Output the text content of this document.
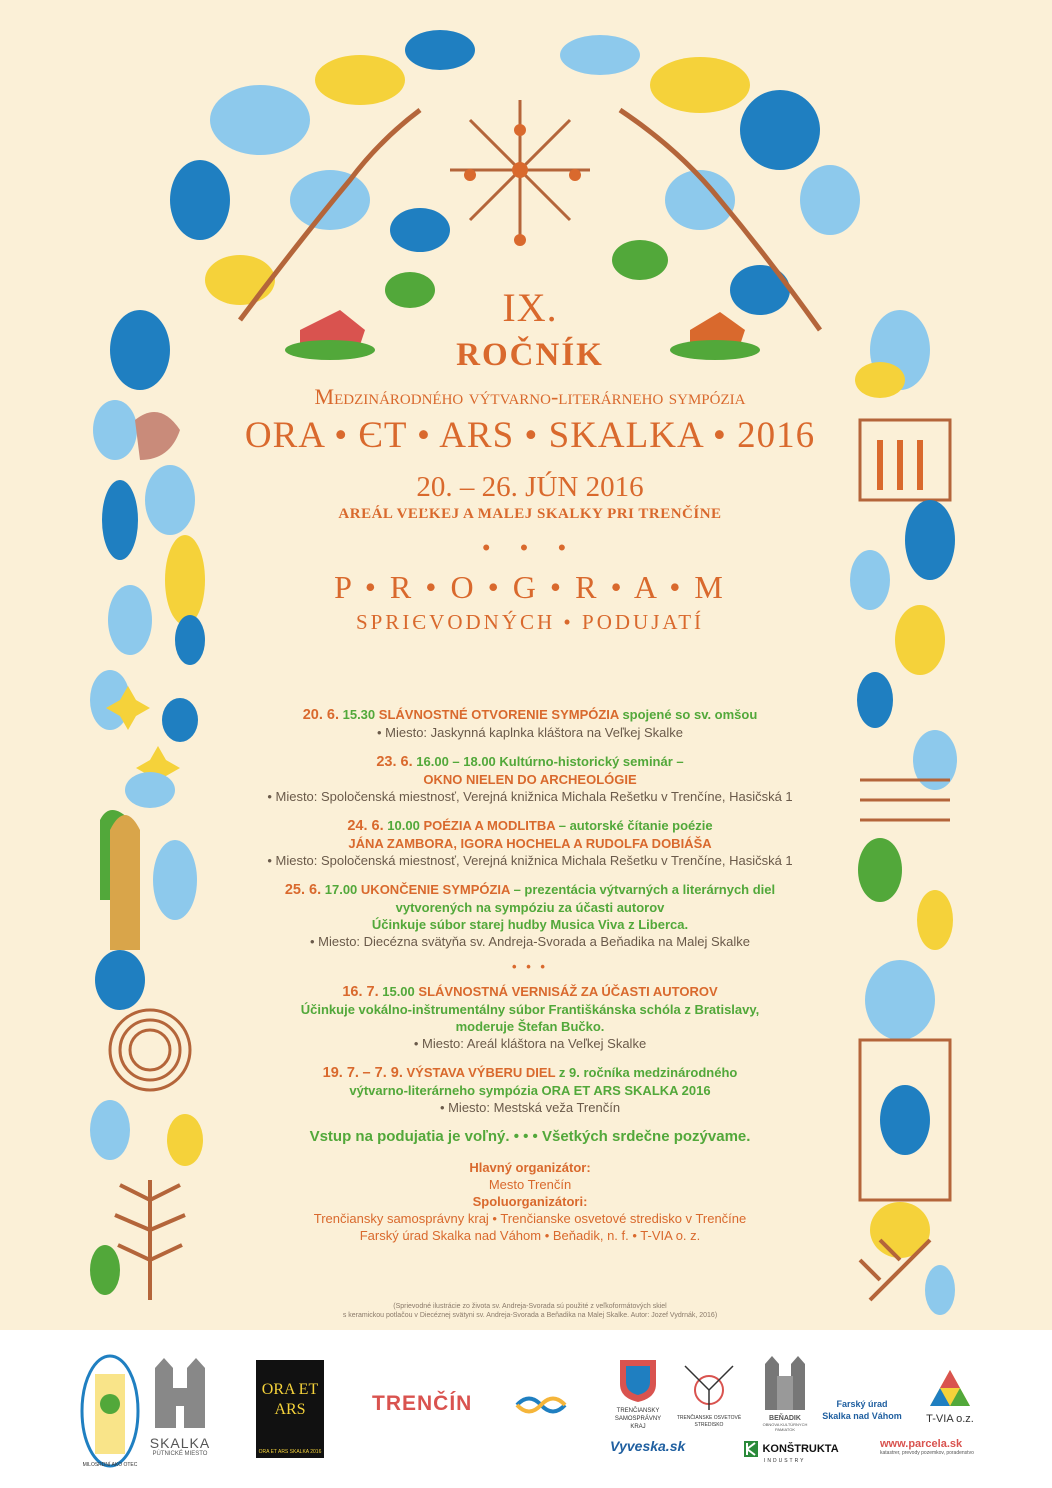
IX.
ROČNÍK
Medzinárodného výtvarno-literárneho sympózia
ORA • ЄT • ARS • SKALKA • 2016
20. – 26. JÚN 2016
AREÁL VEĽKEJ A MALEJ SKALKY PRI TRENČÍNE
• • •
P • R • O • G • R • A • M
SPRIЄVODNÝCH • PODUJATÍ
20. 6. 15.30 SLÁVNOSTNÉ OTVORENIE SYMPÓZIA spojené so sv. omšou
• Miesto: Jaskynná kaplnka kláštora na Veľkej Skalke
23. 6. 16.00 – 18.00 Kultúrno-historický seminár –
OKNO NIELEN DO ARCHEOLÓGIE
• Miesto: Spoločenská miestnosť, Verejná knižnica Michala Rešetku v Trenčíne, Hasičská 1
24. 6. 10.00 POÉZIA A MODLITBA – autorské čítanie poézie
JÁNA ZAMBORA, IGORA HOCHELA A RUDOLFA DOBIÁŠA
• Miesto: Spoločenská miestnosť, Verejná knižnica Michala Rešetku v Trenčíne, Hasičská 1
25. 6. 17.00 UKONČENIE SYMPÓZIA – prezentácia výtvarných a literárnych diel
vytvorených na sympóziu za účasti autorov
Účinkuje súbor starej hudby Musica Viva z Liberca.
• Miesto: Diecézna svätyňa sv. Andreja-Svorada a Beňadika na Malej Skalke
• • •
16. 7. 15.00 SLÁVNOSTNÁ VERNISÁŽ ZA ÚČASTI AUTOROV
Účinkuje vokálno-inštrumentálny súbor Františkánska schóla z Bratislavy,
moderuje Štefan Bučko.
• Miesto: Areál kláštora na Veľkej Skalke
19. 7. – 7. 9. VÝSTAVA VÝBERU DIEL z 9. ročníka medzinárodného
výtvarno-literárneho sympózia ORA ET ARS SKALKA 2016
• Miesto: Mestská veža Trenčín
Vstup na podujatia je voľný. • • • Všetkých srdečne pozývame.
Hlavný organizátor:
Mesto Trenčín
Spoluorganizátori:
Trenčiansky samosprávny kraj • Trenčianske osvetové stredisko v Trenčíne
Farský úrad Skalka nad Váhom • Beňadik, n. f. • T-VIA o. z.
(Sprievodné ilustrácie zo života sv. Andreja-Svorada sú použité z veľkoformátových skiel
s keramickou potlačou v Diecéznej svätyni sv. Andreja-Svorada a Beňadika na Malej Skalke. Autor: Jozef Vydrnák, 2016)
MILOSRDNÍ AKO OTEC
SKALKA
PÚTNICKÉ MIESTO
ORA ET ARS
ORA ET ARS SKALKA 2016
TRENČÍN	TRENČIANSKY SAMOSPRÁVNY KRAJ
TRENČIANSKE OSVETOVÉ STREDISKO
BEŇADIK
OBNOVA KULTÚRNYCH PAMIATOK
Farský úrad
Skalka nad Váhom	T-VIA o.z.
Vyveska.sk	KONŠTRUKTA
INDUSTRY
www.parcela.sk
katastrer, prevody pozemkov, poradenstvo
